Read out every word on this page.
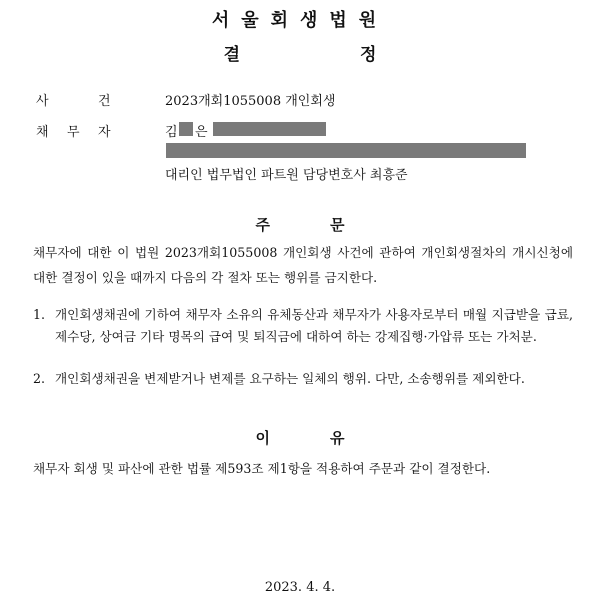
서울회생법원
결	정
사	건	2023개회1055008 개인회생
채 무 자	김 은
대리인 법무법인 파트원 담당변호사 최흥준
주	문
채무자에 대한 이 법원 2023개회1055008 개인회생 사건에 관하여 개인회생절차의 개시신청에 대한 결정이 있을 때까지 다음의 각 절차 또는 행위를 금지한다.
1. 개인회생채권에 기하여 채무자 소유의 유체동산과 채무자가 사용자로부터 매월 지급받을 급료, 제수당, 상여금 기타 명목의 급여 및 퇴직금에 대하여 하는 강제집행·가압류 또는 가처분.
2. 개인회생채권을 변제받거나 변제를 요구하는 일체의 행위. 다만, 소송행위를 제외한다.
이	유
채무자 회생 및 파산에 관한 법률 제593조 제1항을 적용하여 주문과 같이 결정한다.
2023. 4. 4.
